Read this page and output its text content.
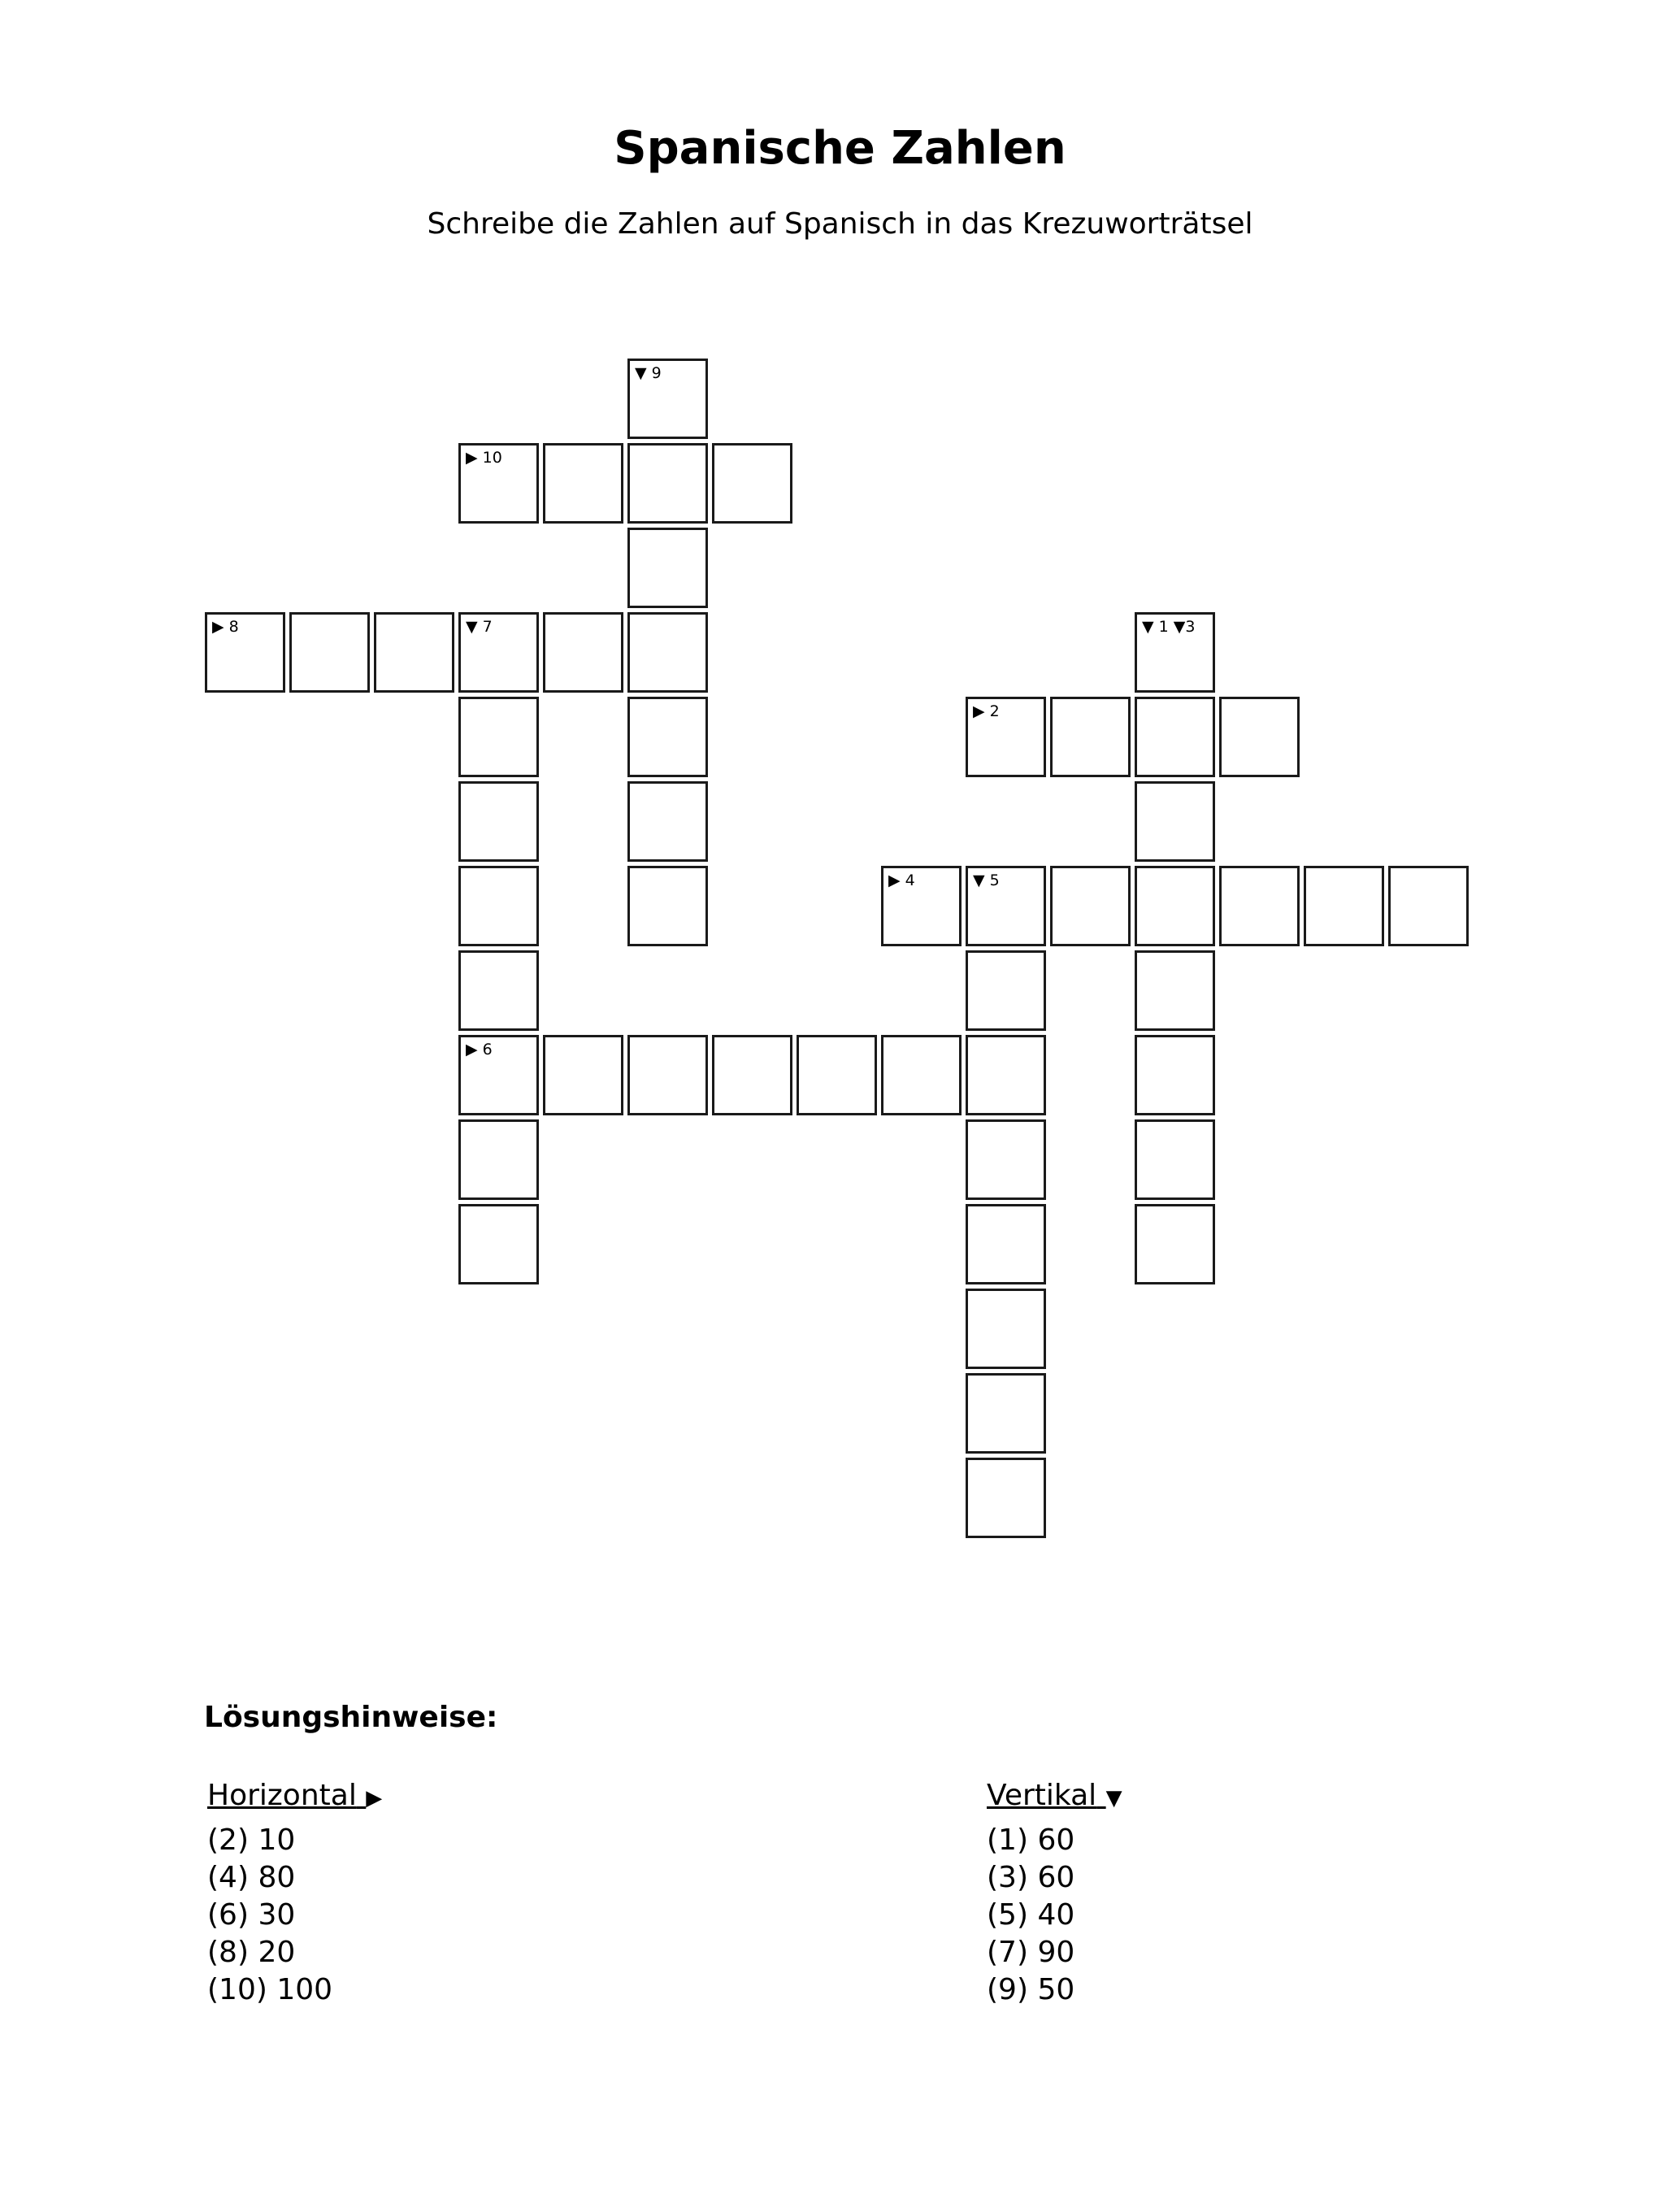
Spanische Zahlen
Schreibe die Zahlen auf Spanisch in das Krezuworträtsel
▶ 10
▼ 9
▶ 8	▼ 7
▶ 6
▼ 1 ▼3
▶ 2
▶ 4	▼ 5
Lösungshinweise:
Horizontal ▶
(2) 10
(4) 80
(6) 30
(8) 20
(10) 100
Vertikal ▼
(1) 60
(3) 60
(5) 40
(7) 90
(9) 50
